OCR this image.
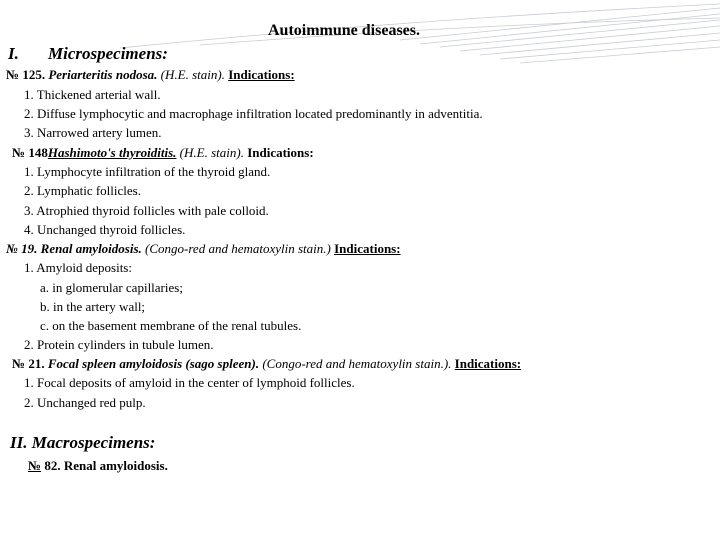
Autoimmune diseases.
I. Microspecimens:
№ 125. Periarteritis nodosa. (H.E. stain). Indications:
1. Thickened arterial wall.
2. Diffuse lymphocytic and macrophage infiltration located predominantly in adventitia.
3. Narrowed artery lumen.
№ 148Hashimoto's thyroiditis. (H.E. stain). Indications:
1. Lymphocyte infiltration of the thyroid gland.
2. Lymphatic follicles.
3. Atrophied thyroid follicles with pale colloid.
4. Unchanged thyroid follicles.
№ 19. Renal amyloidosis. (Congo-red and hematoxylin stain.) Indications:
1. Amyloid deposits:
a. in glomerular capillaries;
b. in the artery wall;
c. on the basement membrane of the renal tubules.
2. Protein cylinders in tubule lumen.
№ 21. Focal spleen amyloidosis (sago spleen). (Congo-red and hematoxylin stain.). Indications:
1. Focal deposits of amyloid in the center of lymphoid follicles.
2. Unchanged red pulp.
II. Macrospecimens:
№ 82. Renal amyloidosis.
